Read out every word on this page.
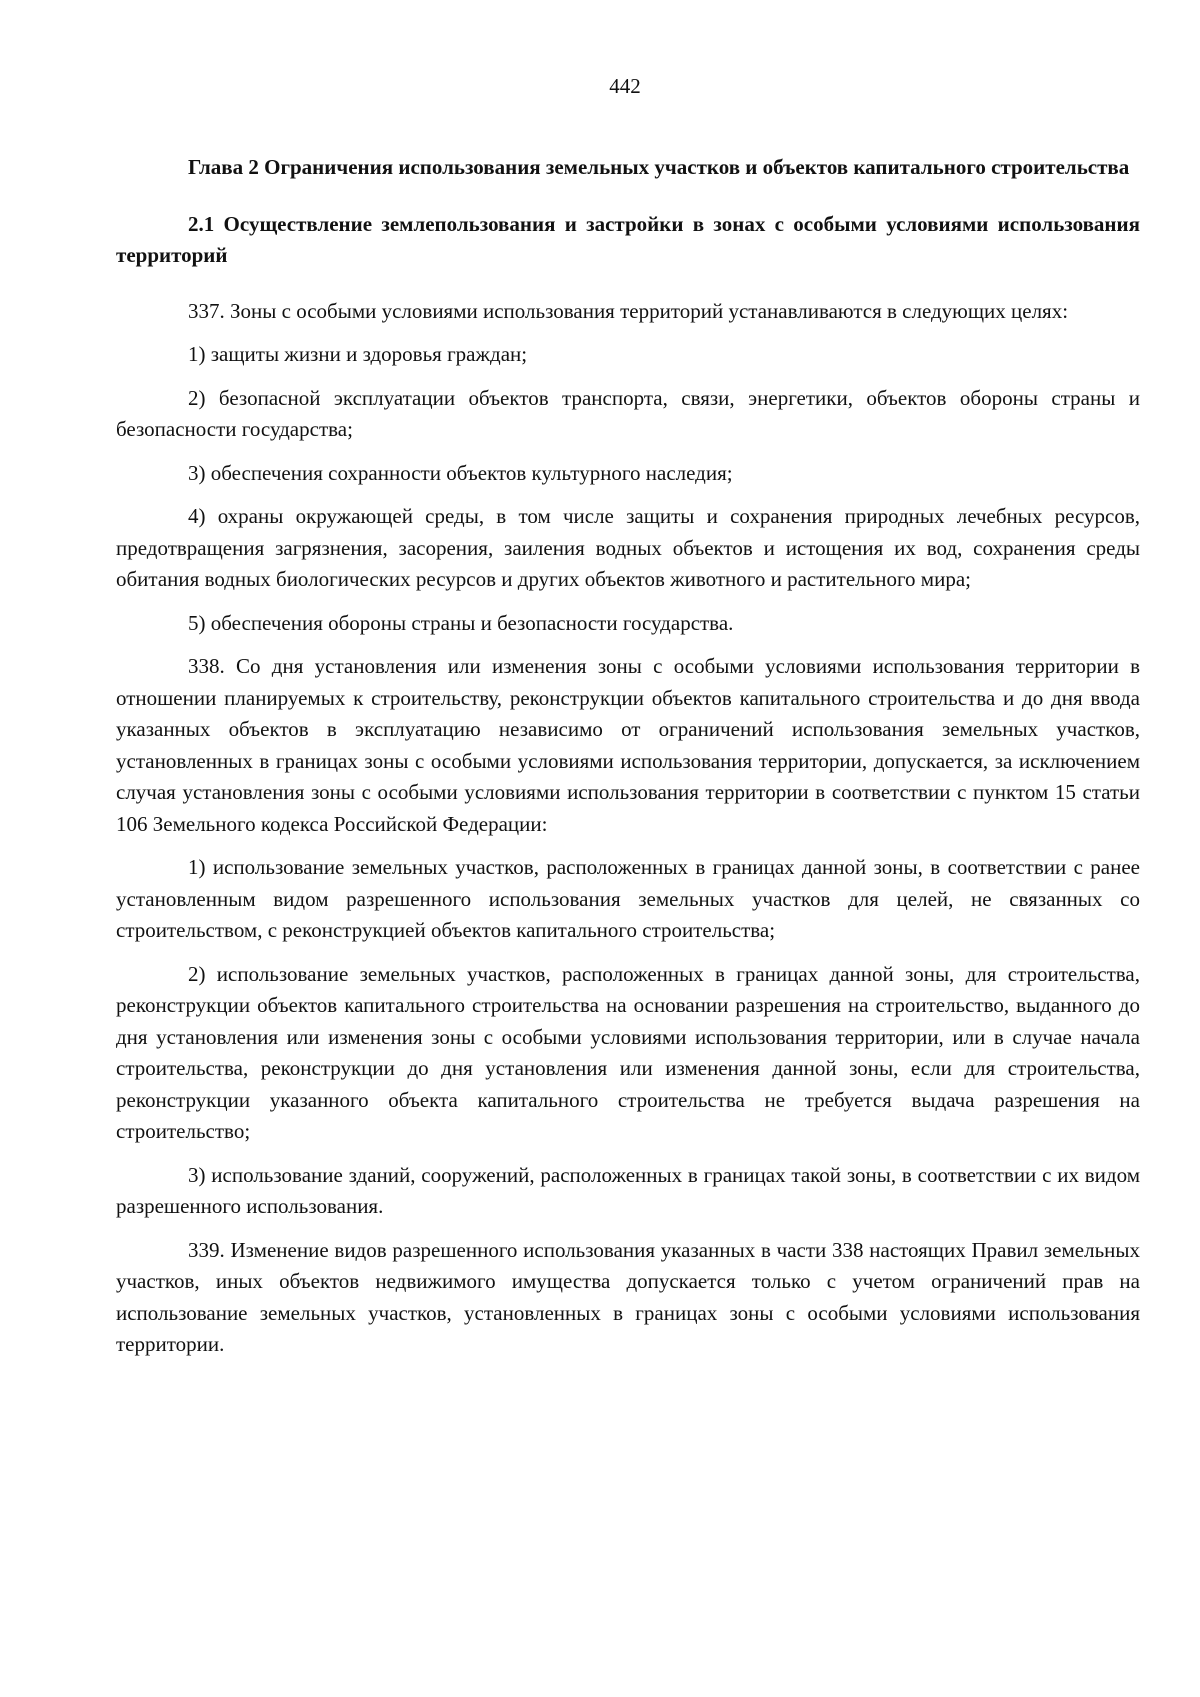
442

Глава 2 Ограничения использования земельных участков и объектов капитального строительства

2.1 Осуществление землепользования и застройки в зонах с особыми условиями использования территорий

337. Зоны с особыми условиями использования территорий устанавливаются в следующих целях:

1) защиты жизни и здоровья граждан;

2) безопасной эксплуатации объектов транспорта, связи, энергетики, объектов обороны страны и безопасности государства;

3) обеспечения сохранности объектов культурного наследия;

4) охраны окружающей среды, в том числе защиты и сохранения природных лечебных ресурсов, предотвращения загрязнения, засорения, заиления водных объектов и истощения их вод, сохранения среды обитания водных биологических ресурсов и других объектов животного и растительного мира;

5) обеспечения обороны страны и безопасности государства.

338. Со дня установления или изменения зоны с особыми условиями использования территории в отношении планируемых к строительству, реконструкции объектов капитального строительства и до дня ввода указанных объектов в эксплуатацию независимо от ограничений использования земельных участков, установленных в границах зоны с особыми условиями использования территории, допускается, за исключением случая установления зоны с особыми условиями использования территории в соответствии с пунктом 15 статьи 106 Земельного кодекса Российской Федерации:

1) использование земельных участков, расположенных в границах данной зоны, в соответствии с ранее установленным видом разрешенного использования земельных участков для целей, не связанных со строительством, с реконструкцией объектов капитального строительства;

2) использование земельных участков, расположенных в границах данной зоны, для строительства, реконструкции объектов капитального строительства на основании разрешения на строительство, выданного до дня установления или изменения зоны с особыми условиями использования территории, или в случае начала строительства, реконструкции до дня установления или изменения данной зоны, если для строительства, реконструкции указанного объекта капитального строительства не требуется выдача разрешения на строительство;

3) использование зданий, сооружений, расположенных в границах такой зоны, в соответствии с их видом разрешенного использования.

339. Изменение видов разрешенного использования указанных в части 338 настоящих Правил земельных участков, иных объектов недвижимого имущества допускается только с учетом ограничений прав на использование земельных участков, установленных в границах зоны с особыми условиями использования территории.
